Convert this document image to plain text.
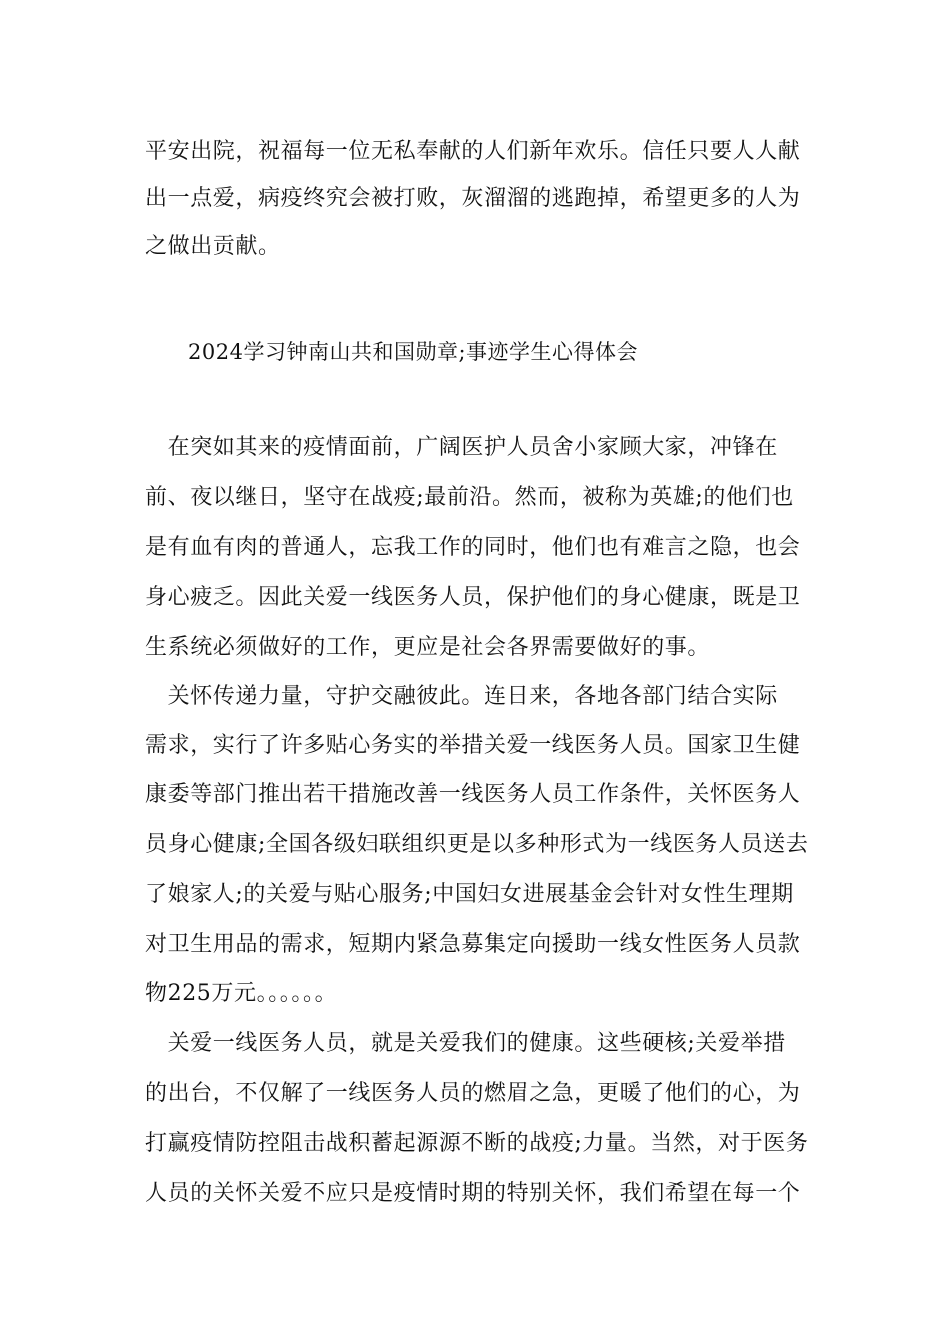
平安出院，祝福每一位无私奉献的人们新年欢乐。信任只要人人献
出一点爱，病疫终究会被打败，灰溜溜的逃跑掉，希望更多的人为
之做出贡献。
2024学习钟南山共和国勋章;事迹学生心得体会
　在突如其来的疫情面前，广阔医护人员舍小家顾大家，冲锋在
前、夜以继日，坚守在战疫;最前沿。然而，被称为英雄;的他们也
是有血有肉的普通人，忘我工作的同时，他们也有难言之隐，也会
身心疲乏。因此关爱一线医务人员，保护他们的身心健康，既是卫
生系统必须做好的工作，更应是社会各界需要做好的事。
　关怀传递力量，守护交融彼此。连日来，各地各部门结合实际
需求，实行了许多贴心务实的举措关爱一线医务人员。国家卫生健
康委等部门推出若干措施改善一线医务人员工作条件，关怀医务人
员身心健康;全国各级妇联组织更是以多种形式为一线医务人员送去
了娘家人;的关爱与贴心服务;中国妇女进展基金会针对女性生理期
对卫生用品的需求，短期内紧急募集定向援助一线女性医务人员款
物225万元。。。。。。
　关爱一线医务人员，就是关爱我们的健康。这些硬核;关爱举措
的出台，不仅解了一线医务人员的燃眉之急，更暖了他们的心，为
打赢疫情防控阻击战积蓄起源源不断的战疫;力量。当然，对于医务
人员的关怀关爱不应只是疫情时期的特别关怀，我们希望在每一个
